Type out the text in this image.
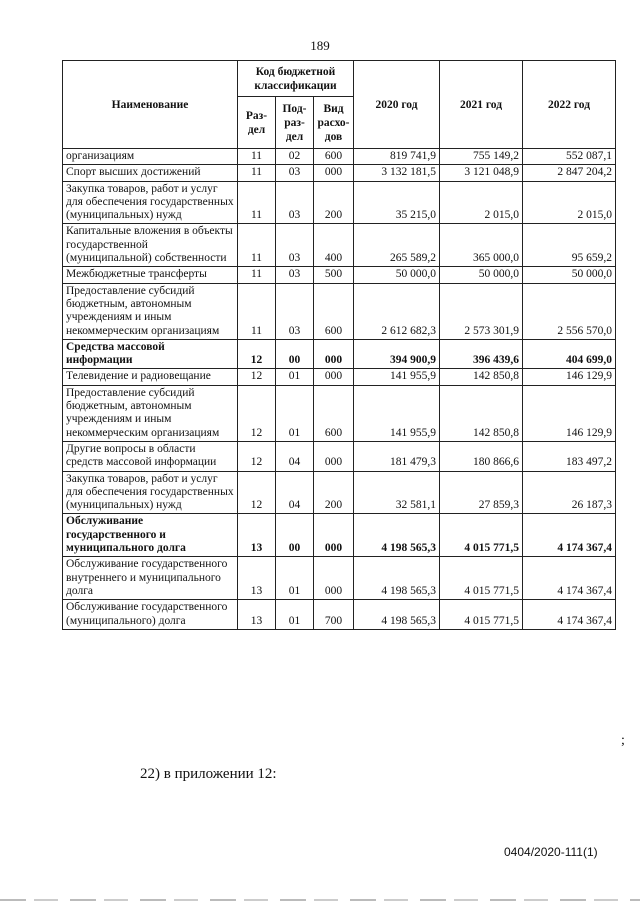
189
Наименование	Код бюджетной классификации			2020 год	2021 год	2022 год
	Раз-дел	Под-раз-дел	Вид расхо-дов			
организациям	11	02	600	819 741,9	755 149,2	552 087,1
Спорт высших достижений	11	03	000	3 132 181,5	3 121 048,9	2 847 204,2
Закупка товаров, работ и услуг для обеспечения государственных (муниципальных) нужд	11	03	200	35 215,0	2 015,0	2 015,0
Капитальные вложения в объекты государственной (муниципальной) собственности	11	03	400	265 589,2	365 000,0	95 659,2
Межбюджетные трансферты	11	03	500	50 000,0	50 000,0	50 000,0
Предоставление субсидий бюджетным, автономным учреждениям и иным некоммерческим организациям	11	03	600	2 612 682,3	2 573 301,9	2 556 570,0
Средства массовой информации	12	00	000	394 900,9	396 439,6	404 699,0
Телевидение и радиовещание	12	01	000	141 955,9	142 850,8	146 129,9
Предоставление субсидий бюджетным, автономным учреждениям и иным некоммерческим организациям	12	01	600	141 955,9	142 850,8	146 129,9
Другие вопросы в области средств массовой информации	12	04	000	181 479,3	180 866,6	183 497,2
Закупка товаров, работ и услуг для обеспечения государственных (муниципальных) нужд	12	04	200	32 581,1	27 859,3	26 187,3
Обслуживание государственного и муниципального долга	13	00	000	4 198 565,3	4 015 771,5	4 174 367,4
Обслуживание государственного внутреннего и муниципального долга	13	01	000	4 198 565,3	4 015 771,5	4 174 367,4
Обслуживание государственного (муниципального) долга	13	01	700	4 198 565,3	4 015 771,5	4 174 367,4
;
22) в приложении 12:
0404/2020-111(1)
